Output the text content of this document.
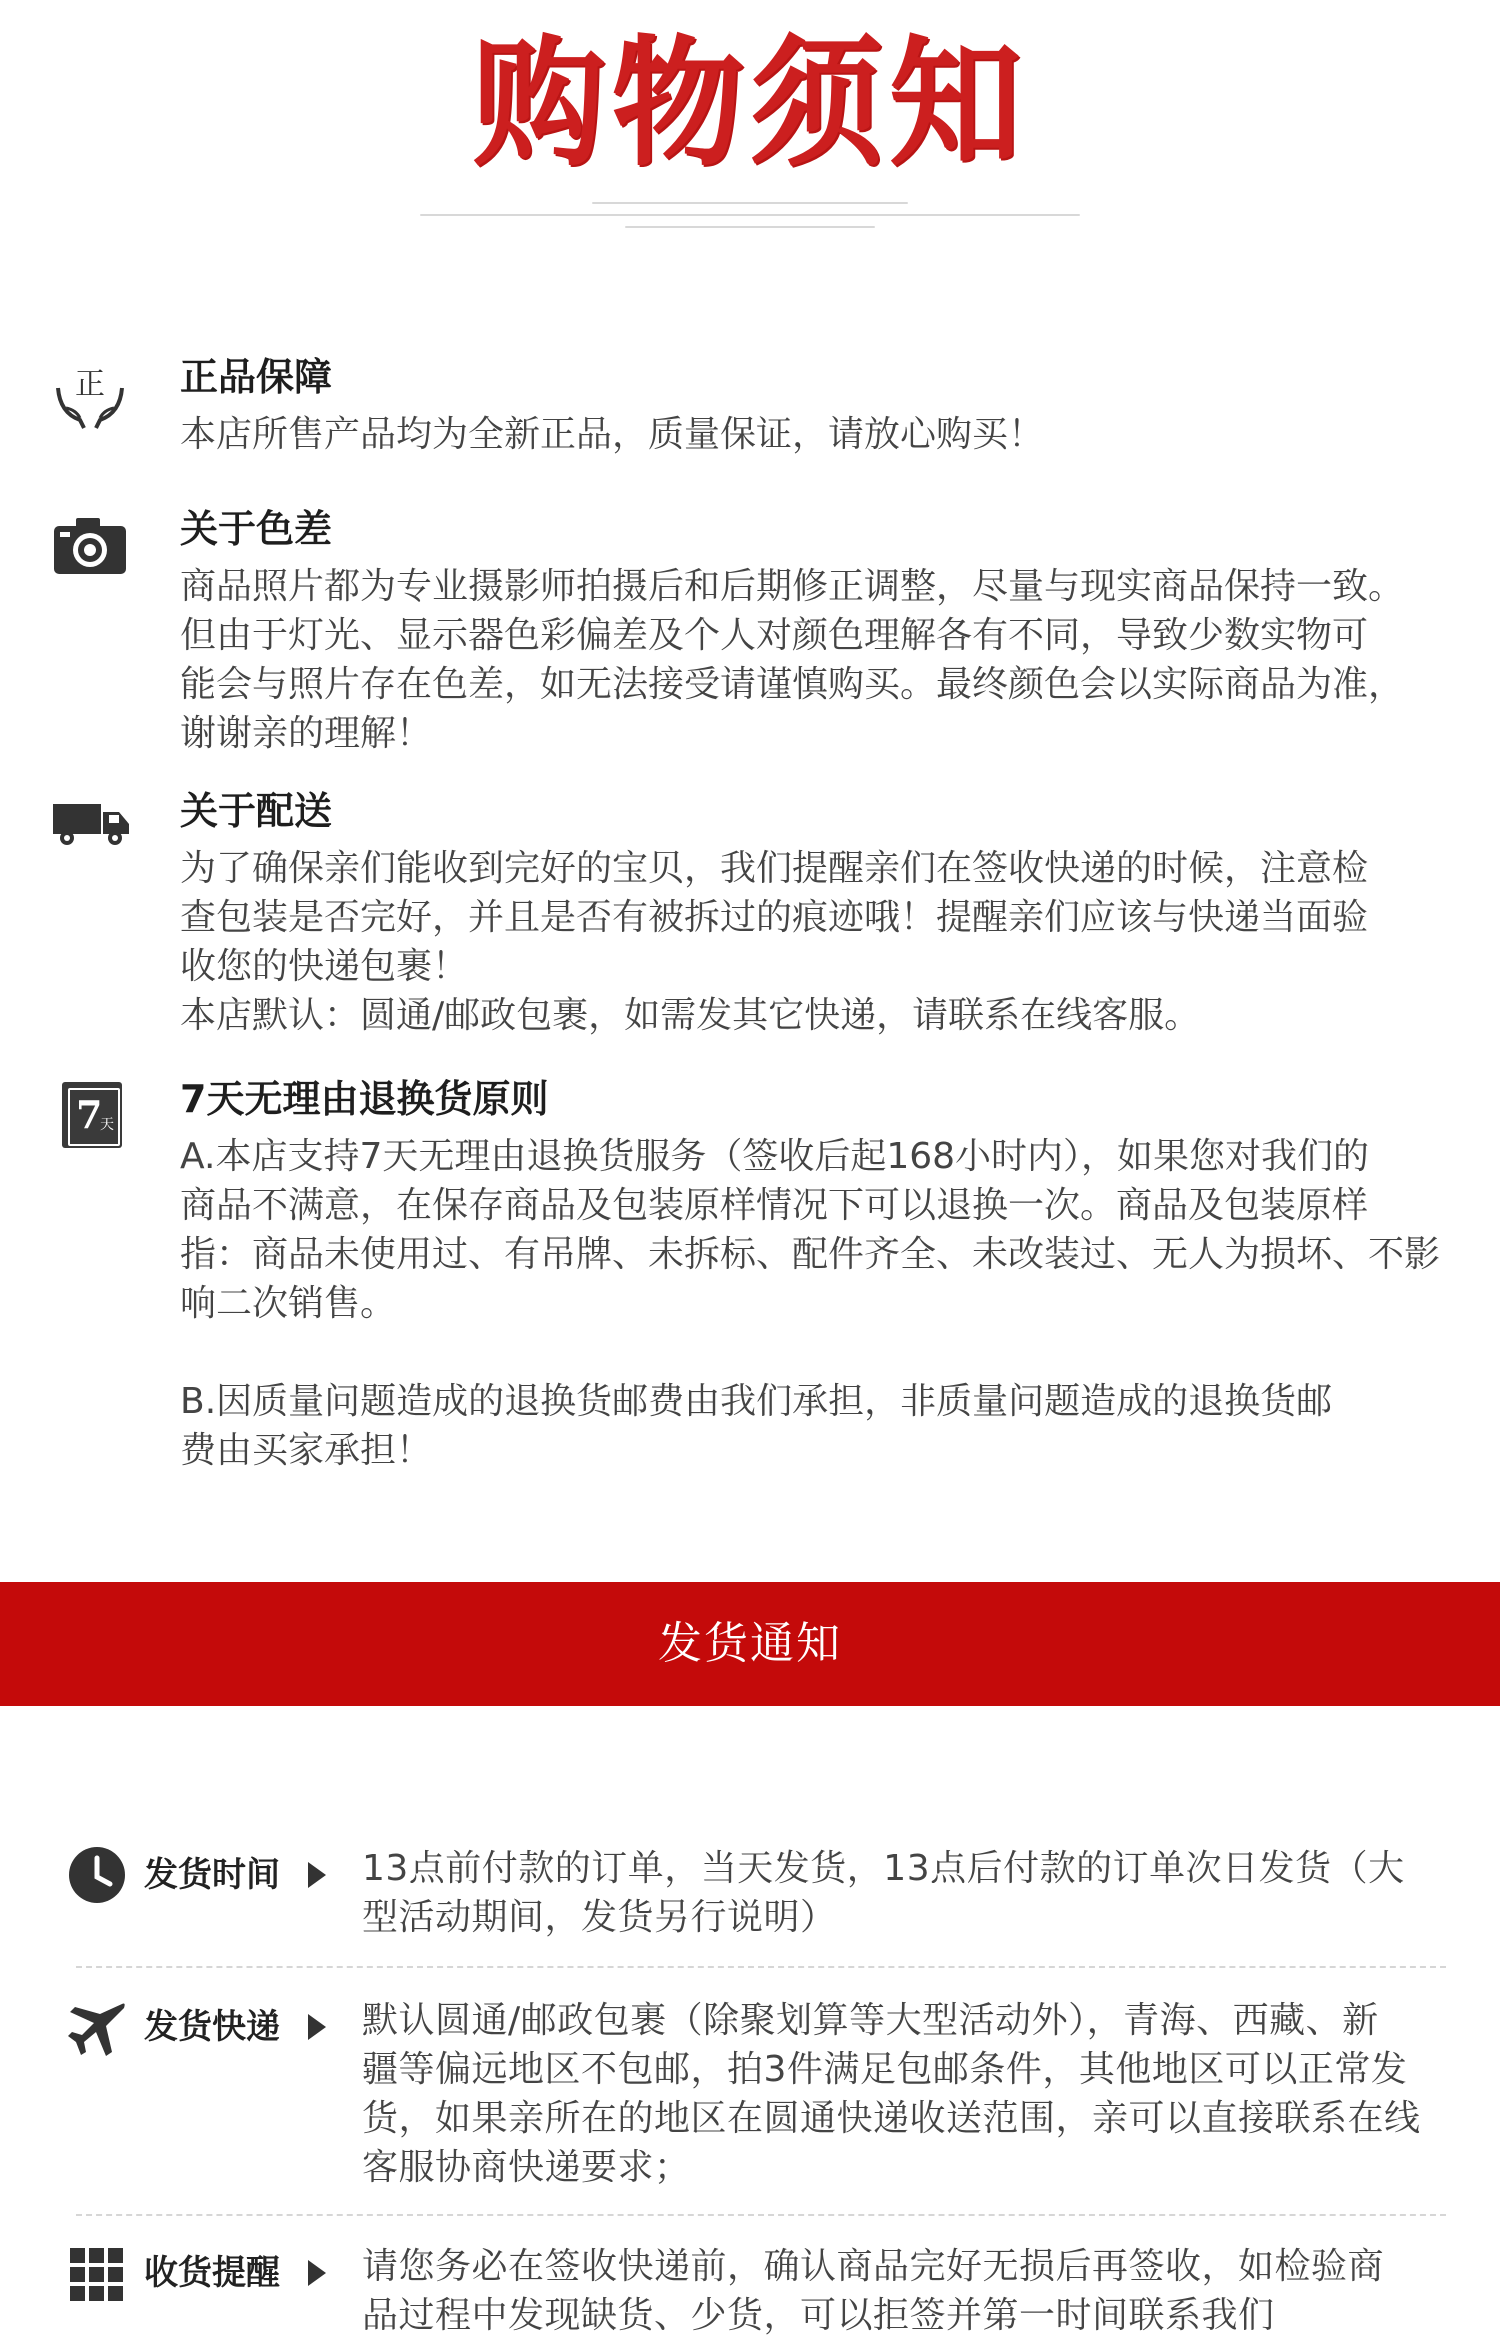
购物须知
正 正品保障

本店所售产品均为全新正品，质量保证，请放心购买！

关于色差

商品照片都为专业摄影师拍摄后和后期修正调整，尽量与现实商品保持一致。

但由于灯光、显示器色彩偏差及个人对颜色理解各有不同，导致少数实物可

能会与照片存在色差，如无法接受请谨慎购买。最终颜色会以实际商品为准，

谢谢亲的理解！

关于配送

为了确保亲们能收到完好的宝贝，我们提醒亲们在签收快递的时候，注意检

查包装是否完好，并且是否有被拆过的痕迹哦！提醒亲们应该与快递当面验

收您的快递包裹！

本店默认：圆通/邮政包裹，如需发其它快递，请联系在线客服。

7
天
7天无理由退换货原则

A.本店支持7天无理由退换货服务（签收后起168小时内），如果您对我们的

商品不满意，在保存商品及包装原样情况下可以退换一次。商品及包装原样

指：商品未使用过、有吊牌、未拆标、配件齐全、未改装过、无人为损坏、不影

响二次销售。

B.因质量问题造成的退换货邮费由我们承担，非质量问题造成的退换货邮

费由买家承担！

发货通知
发货时间 13点前付款的订单，当天发货，13点后付款的订单次日发货（大
型活动期间，发货另行说明）
发货快递 默认圆通/邮政包裹（除聚划算等大型活动外），青海、西藏、新
疆等偏远地区不包邮，拍3件满足包邮条件，其他地区可以正常发
货，如果亲所在的地区在圆通快递收送范围，亲可以直接联系在线
客服协商快递要求；
收货提醒 请您务必在签收快递前，确认商品完好无损后再签收，如检验商
品过程中发现缺货、少货，可以拒签并第一时间联系我们
